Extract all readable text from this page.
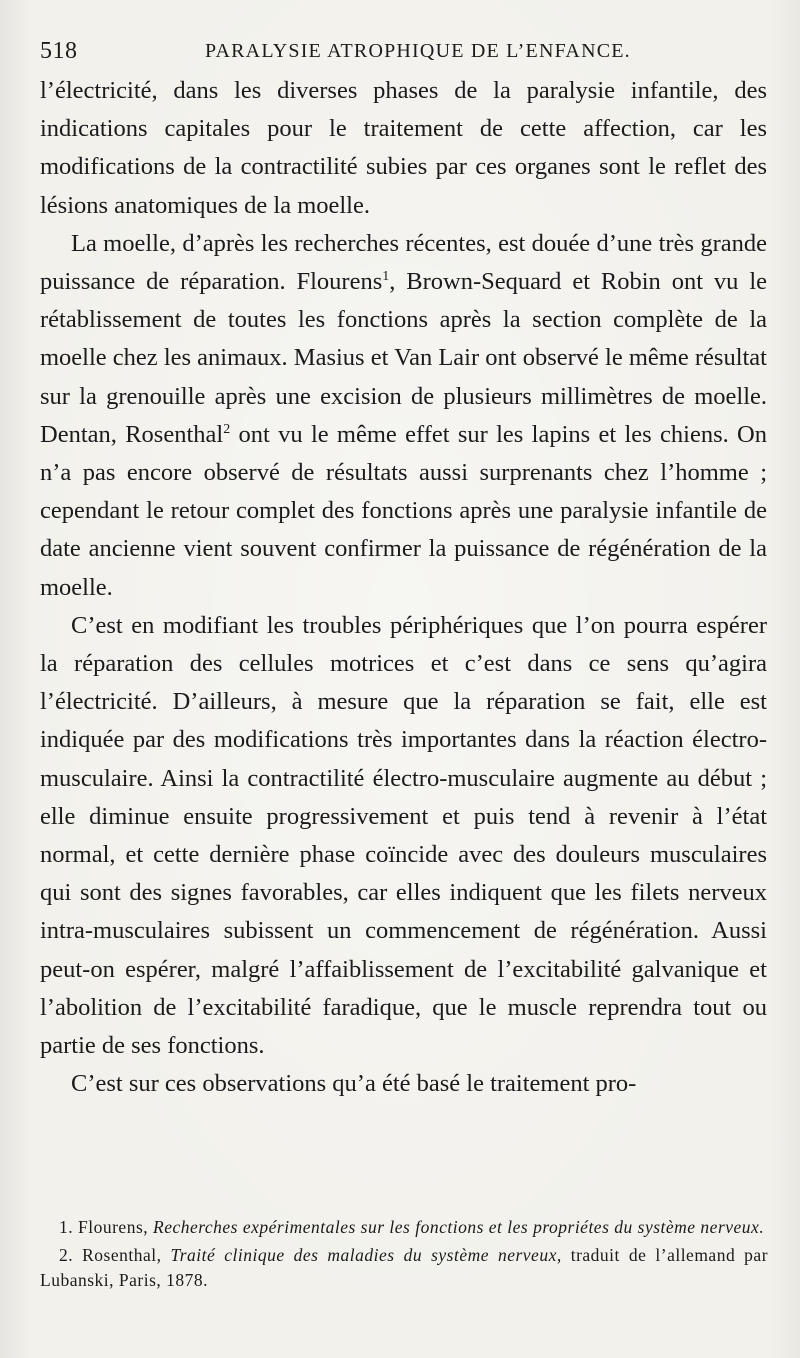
518	PARALYSIE ATROPHIQUE DE L’ENFANCE.

l’électricité, dans les diverses phases de la paralysie infantile, des indications capitales pour le traitement de cette affection, car les modifications de la contractilité subies par ces organes sont le reflet des lésions anatomiques de la moelle.

La moelle, d’après les recherches récentes, est douée d’une très grande puissance de réparation. Flourens$^1$, Brown-Sequard et Robin ont vu le rétablissement de toutes les fonctions après la section complète de la moelle chez les animaux. Masius et Van Lair ont observé le même résultat sur la grenouille après une excision de plusieurs millimètres de moelle. Dentan, Rosenthal$^2$ ont vu le même effet sur les lapins et les chiens. On n’a pas encore observé de résultats aussi surprenants chez l’homme ; cependant le retour complet des fonctions après une paralysie infantile de date ancienne vient souvent confirmer la puissance de régénération de la moelle.

C’est en modifiant les troubles périphériques que l’on pourra espérer la réparation des cellules motrices et c’est dans ce sens qu’agira l’électricité. D’ailleurs, à mesure que la réparation se fait, elle est indiquée par des modifications très importantes dans la réaction électro-musculaire. Ainsi la contractilité électro-musculaire augmente au début ; elle diminue ensuite progressivement et puis tend à revenir à l’état normal, et cette dernière phase coïncide avec des douleurs musculaires qui sont des signes favorables, car elles indiquent que les filets nerveux intra-musculaires subissent un commencement de régénération. Aussi peut-on espérer, malgré l’affaiblissement de l’excitabilité galvanique et l’abolition de l’excitabilité faradique, que le muscle reprendra tout ou partie de ses fonctions.

C’est sur ces observations qu’a été basé le traitement pro-

1. Flourens, Recherches expérimentales sur les fonctions et les propriétes du système nerveux.

2. Rosenthal, Traité clinique des maladies du système nerveux, traduit de l’allemand par Lubanski, Paris, 1878.
